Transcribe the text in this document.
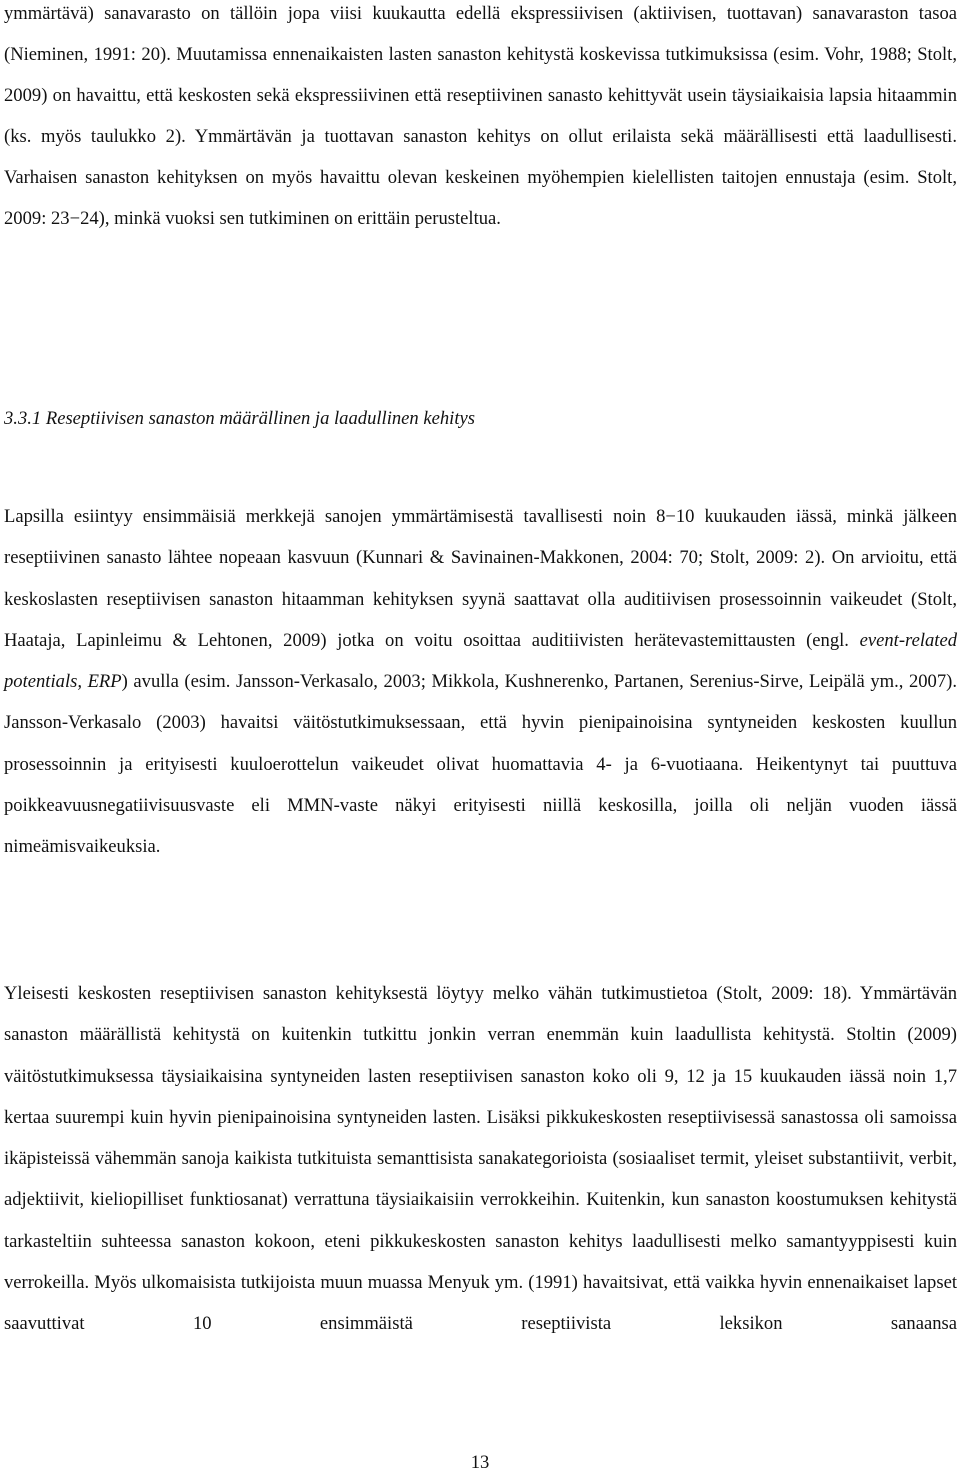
ymmärtävä) sanavarasto on tällöin jopa viisi kuukautta edellä ekspressiivisen (aktiivisen, tuottavan) sanavaraston tasoa (Nieminen, 1991: 20). Muutamissa ennenaikaisten lasten sanaston kehitystä koskevissa tutkimuksissa (esim. Vohr, 1988; Stolt, 2009) on havaittu, että keskosten sekä ekspressiivinen että reseptiivinen sanasto kehittyvät usein täysiaikaisia lapsia hitaammin (ks. myös taulukko 2). Ymmärtävän ja tuottavan sanaston kehitys on ollut erilaista sekä määrällisesti että laadullisesti. Varhaisen sanaston kehityksen on myös havaittu olevan keskeinen myöhempien kielellisten taitojen ennustaja (esim. Stolt, 2009: 23−24), minkä vuoksi sen tutkiminen on erittäin perusteltua.

3.3.1 Reseptiivisen sanaston määrällinen ja laadullinen kehitys

Lapsilla esiintyy ensimmäisiä merkkejä sanojen ymmärtämisestä tavallisesti noin 8−10 kuukauden iässä, minkä jälkeen reseptiivinen sanasto lähtee nopeaan kasvuun (Kunnari & Savinainen-Makkonen, 2004: 70; Stolt, 2009: 2). On arvioitu, että keskoslasten reseptiivisen sanaston hitaamman kehityksen syynä saattavat olla auditiivisen prosessoinnin vaikeudet (Stolt, Haataja, Lapinleimu & Lehtonen, 2009) jotka on voitu osoittaa auditiivisten herätevastemittausten (engl. event-related potentials, ERP) avulla (esim. Jansson-Verkasalo, 2003; Mikkola, Kushnerenko, Partanen, Serenius-Sirve, Leipälä ym., 2007). Jansson-Verkasalo (2003) havaitsi väitöstutkimuksessaan, että hyvin pienipainoisina syntyneiden keskosten kuullun prosessoinnin ja erityisesti kuuloerottelun vaikeudet olivat huomattavia 4- ja 6-vuotiaana. Heikentynyt tai puuttuva poikkeavuusnegatiivisuusvaste eli MMN-vaste näkyi erityisesti niillä keskosilla, joilla oli neljän vuoden iässä nimeämisvaikeuksia.

Yleisesti keskosten reseptiivisen sanaston kehityksestä löytyy melko vähän tutkimustietoa (Stolt, 2009: 18). Ymmärtävän sanaston määrällistä kehitystä on kuitenkin tutkittu jonkin verran enemmän kuin laadullista kehitystä. Stoltin (2009) väitöstutkimuksessa täysiaikaisina syntyneiden lasten reseptiivisen sanaston koko oli 9, 12 ja 15 kuukauden iässä noin 1,7 kertaa suurempi kuin hyvin pienipainoisina syntyneiden lasten. Lisäksi pikkukeskosten reseptiivisessä sanastossa oli samoissa ikäpisteissä vähemmän sanoja kaikista tutkituista semanttisista sanakategorioista (sosiaaliset termit, yleiset substantiivit, verbit, adjektiivit, kieliopilliset funktiosanat) verrattuna täysiaikaisiin verrokkeihin. Kuitenkin, kun sanaston koostumuksen kehitystä tarkasteltiin suhteessa sanaston kokoon, eteni pikkukeskosten sanaston kehitys laadullisesti melko samantyyppisesti kuin verrokeilla. Myös ulkomaisista tutkijoista muun muassa Menyuk ym. (1991) havaitsivat, että vaikka hyvin ennenaikaiset lapset saavuttivat 10 ensimmäistä reseptiivista leksikon sanaansa

13
